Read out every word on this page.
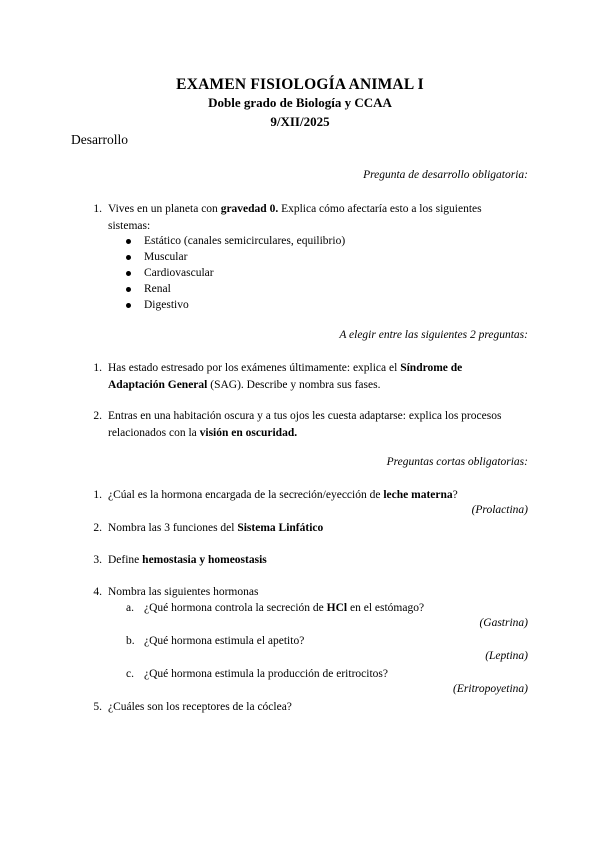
EXAMEN FISIOLOGÍA ANIMAL I
Doble grado de Biología y CCAA
9/XII/2025
Desarrollo
Pregunta de desarrollo obligatoria:
1. Vives en un planeta con gravedad 0. Explica cómo afectaría esto a los siguientes
sistemas:
Estático (canales semicirculares, equilibrio)
Muscular
Cardiovascular
Renal
Digestivo
A elegir entre las siguientes 2 preguntas:
1. Has estado estresado por los exámenes últimamente: explica el Síndrome de
Adaptación General (SAG). Describe y nombra sus fases.
2. Entras en una habitación oscura y a tus ojos les cuesta adaptarse: explica los procesos
relacionados con la visión en oscuridad.
Preguntas cortas obligatorias:
1. ¿Cúal es la hormona encargada de la secreción/eyección de leche materna?
(Prolactina)
2. Nombra las 3 funciones del Sistema Linfático
3. Define hemostasia y homeostasis
4. Nombra las siguientes hormonas
a. ¿Qué hormona controla la secreción de HCl en el estómago?
(Gastrina)
b. ¿Qué hormona estimula el apetito?
(Leptina)
c. ¿Qué hormona estimula la producción de eritrocitos?
(Eritropoyetina)
5. ¿Cuáles son los receptores de la cóclea?
